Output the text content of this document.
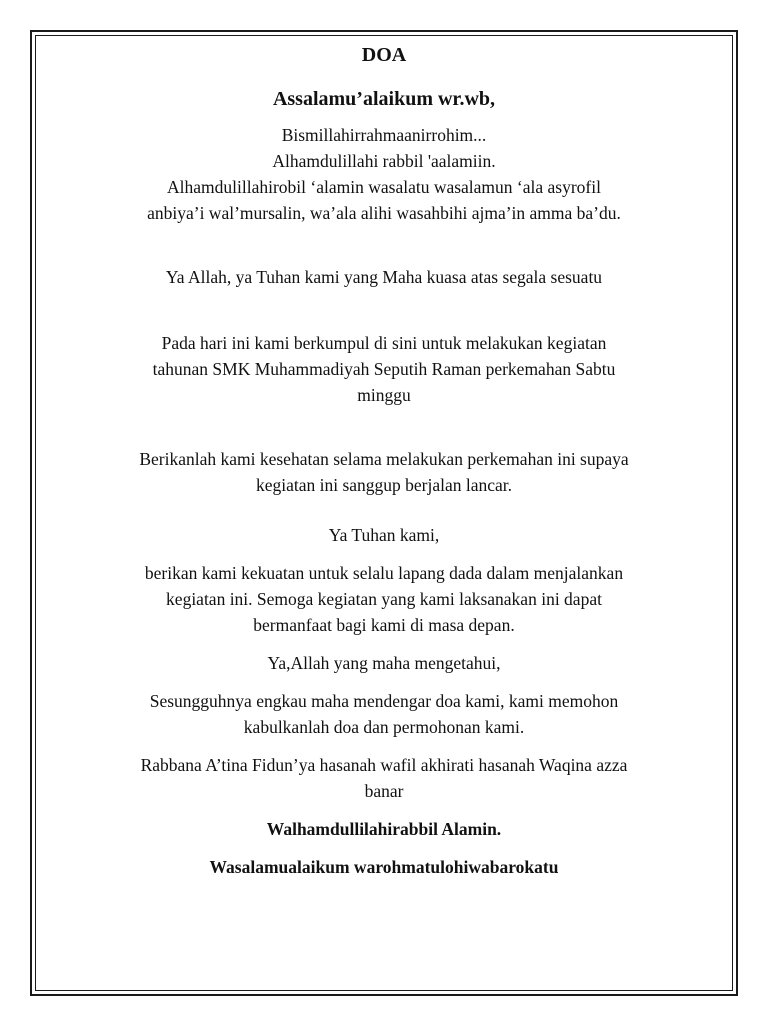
DOA

Assalamu’alaikum wr.wb,

Bismillahirrahmaanirrohim...
Alhamdulillahi rabbil 'aalamiin.
Alhamdulillahirobil ‘alamin wasalatu wasalamun ‘ala asyrofil
anbiya’i wal’mursalin, wa’ala alihi wasahbihi ajma’in amma ba’du.

Ya Allah, ya Tuhan kami yang Maha kuasa atas segala sesuatu

Pada hari ini kami berkumpul di sini untuk melakukan kegiatan
tahunan SMK Muhammadiyah Seputih Raman perkemahan Sabtu
minggu

Berikanlah kami kesehatan selama melakukan perkemahan ini supaya
kegiatan ini sanggup berjalan lancar.

Ya Tuhan kami,

berikan kami kekuatan untuk selalu lapang dada dalam menjalankan
kegiatan ini. Semoga kegiatan yang kami laksanakan ini dapat
bermanfaat bagi kami di masa depan.

Ya,Allah yang maha mengetahui,

Sesungguhnya engkau maha mendengar doa kami, kami memohon
kabulkanlah doa dan permohonan kami.

Rabbana A’tina Fidun’ya hasanah wafil akhirati hasanah Waqina azza
banar

Walhamdullilahirabbil Alamin.

Wasalamualaikum warohmatulohiwabarokatu
